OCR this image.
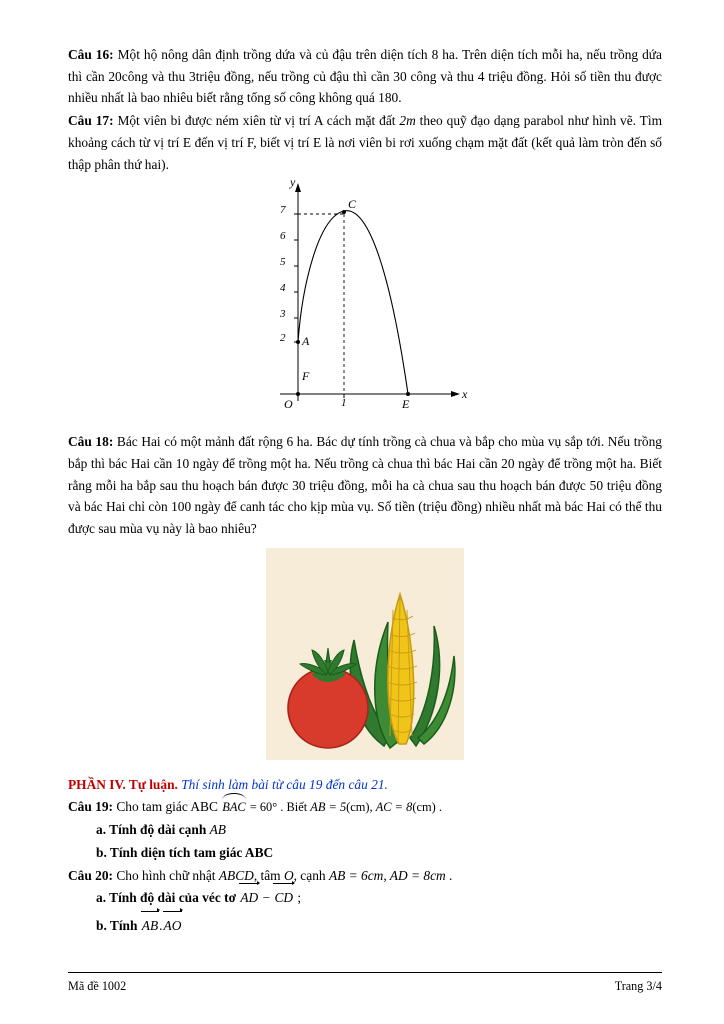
Câu 16: Một hộ nông dân định trồng dứa và củ đậu trên diện tích 8 ha. Trên diện tích mỗi ha, nếu trồng dứa thì cần 20công và thu 3triệu đồng, nếu trồng củ đậu thì cần 30 công và thu 4 triệu đồng. Hỏi số tiền thu được nhiều nhất là bao nhiêu biết rằng tổng số công không quá 180.

Câu 17: Một viên bi được ném xiên từ vị trí A cách mặt đất 2m theo quỹ đạo dạng parabol như hình vẽ. Tìm khoảng cách từ vị trí E đến vị trí F, biết vị trí E là nơi viên bi rơi xuống chạm mặt đất (kết quả làm tròn đến số thập phân thứ hai).

7
6
5
4
3
2 A
C
E
F
O	1
x
y

Câu 18: Bác Hai có một mảnh đất rộng 6 ha. Bác dự tính trồng cà chua và bắp cho mùa vụ sắp tới. Nếu trồng bắp thì bác Hai cần 10 ngày để trồng một ha. Nếu trồng cà chua thì bác Hai cần 20 ngày để trồng một ha. Biết rằng mỗi ha bắp sau thu hoạch bán được 30 triệu đồng, mỗi ha cà chua sau thu hoạch bán được 50 triệu đồng và bác Hai chỉ còn 100 ngày để canh tác cho kịp mùa vụ. Số tiền (triệu đồng) nhiều nhất mà bác Hai có thể thu được sau mùa vụ này là bao nhiêu?

PHẦN IV. Tự luận. Thí sinh làm bài từ câu 19 đến câu 21.

Câu 19: Cho tam giác ABC BAC = 60° . Biết AB = 5(cm), AC = 8(cm) .

a. Tính độ dài cạnh AB

b. Tính diện tích tam giác ABC

Câu 20: Cho hình chữ nhật ABCD, tâm O, cạnh AB = 6cm, AD = 8cm .

a. Tính độ dài của véc tơ AD − CD ;

b. Tính AB.AO

Mã đề 1002	Trang 3/4
